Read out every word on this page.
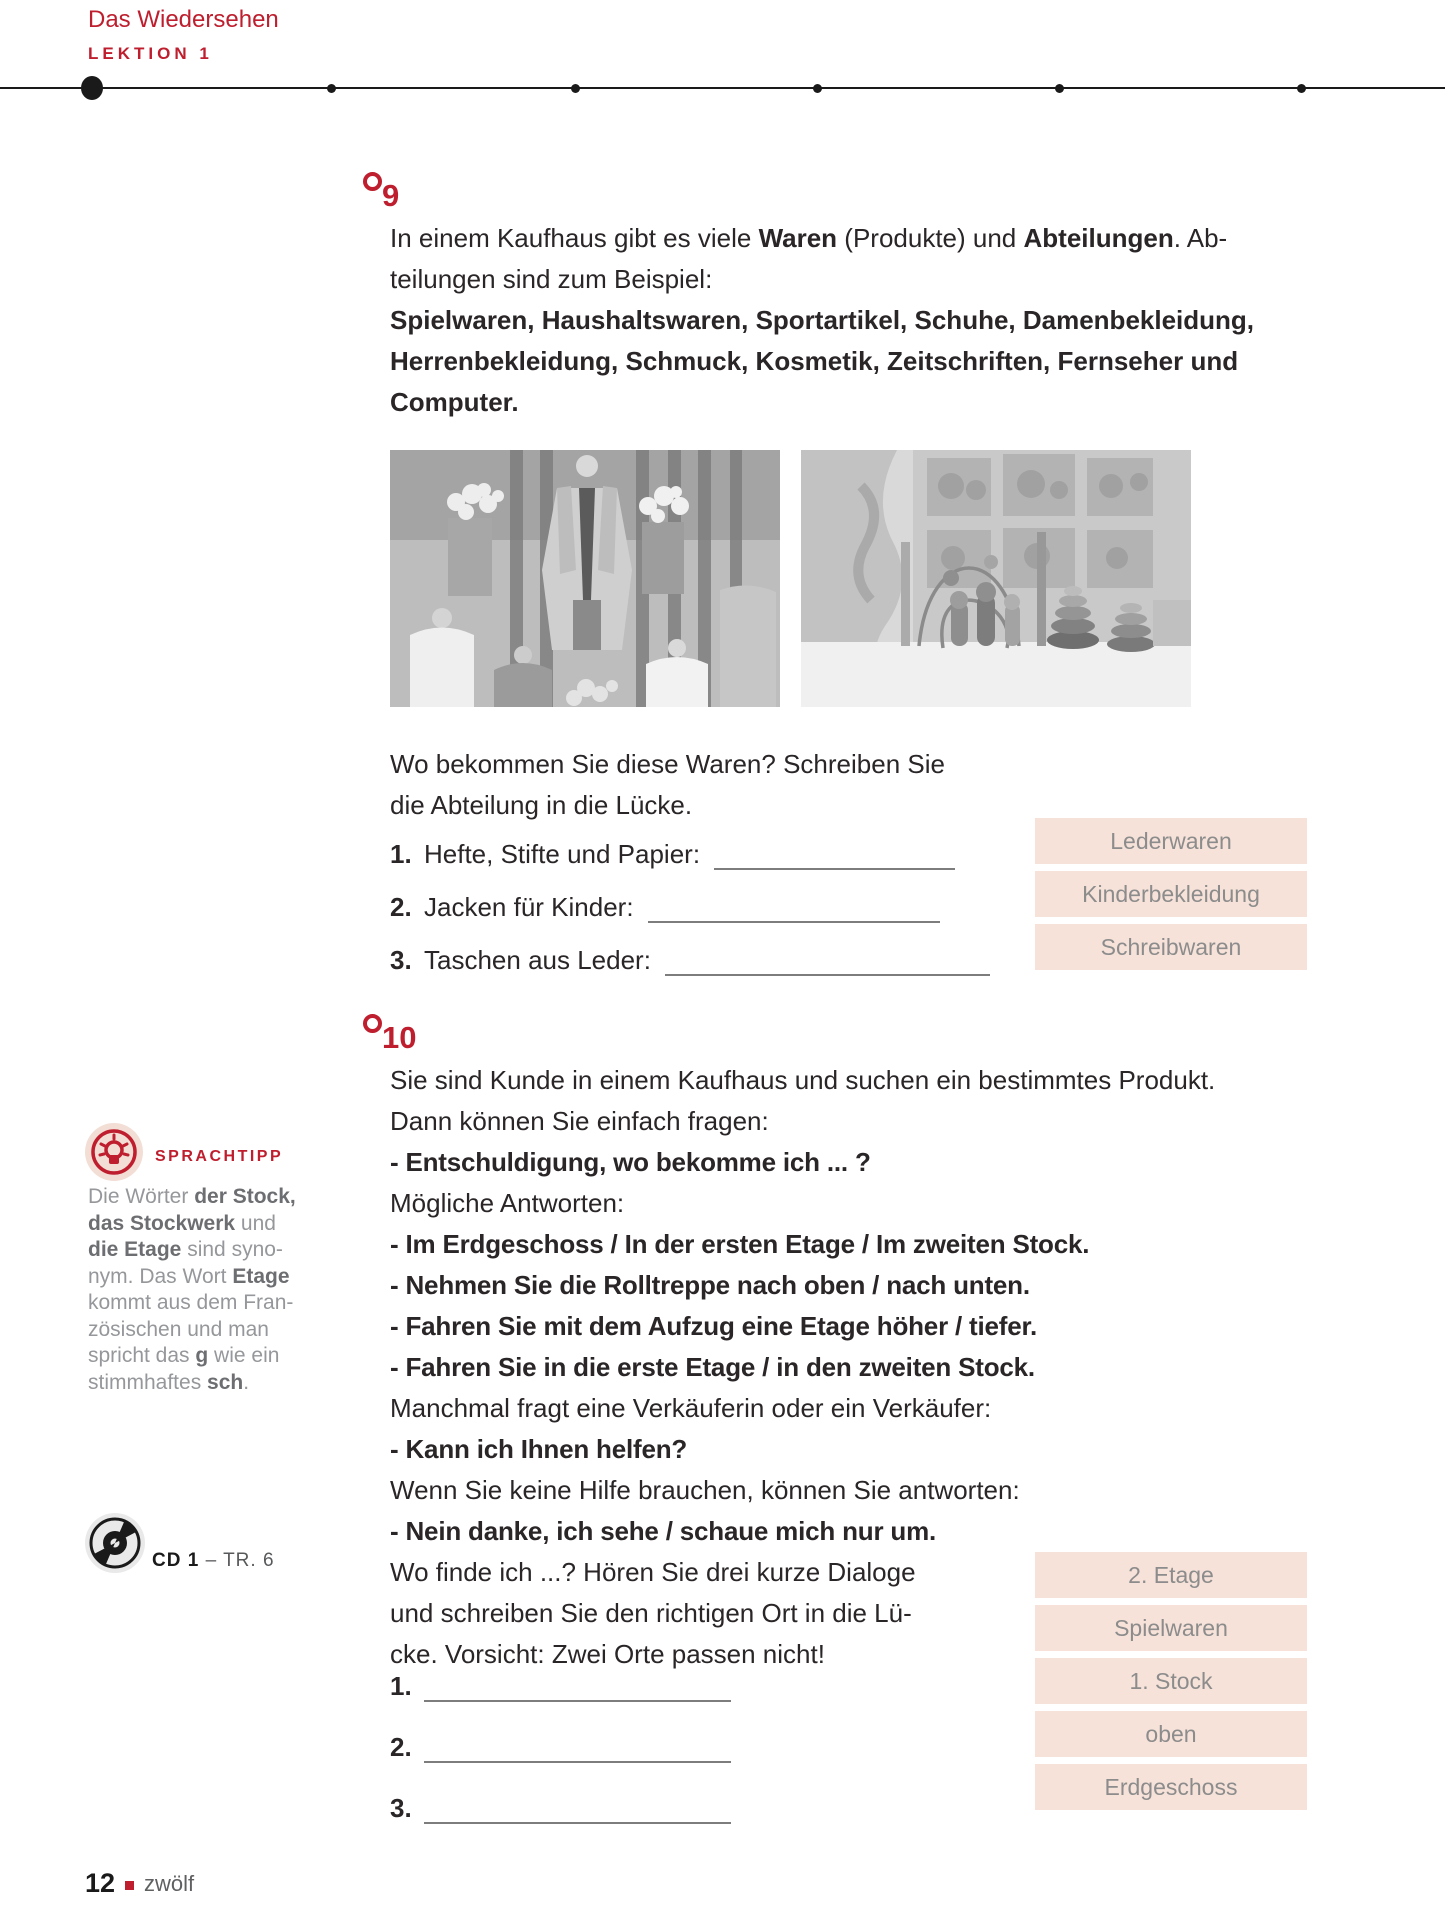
Das Wiedersehen
LEKTION 1
9
In einem Kaufhaus gibt es viele Waren (Produkte) und Abteilungen. Ab-
teilungen sind zum Beispiel:
Spielwaren, Haushaltswaren, Sportartikel, Schuhe, Damenbekleidung,
Herrenbekleidung, Schmuck, Kosmetik, Zeitschriften, Fernseher und
Computer.
Wo bekommen Sie diese Waren? Schreiben Sie
die Abteilung in die Lücke.
1. Hefte, Stifte und Papier:
2. Jacken für Kinder:
3. Taschen aus Leder:
Lederwaren
Kinderbekleidung
Schreibwaren
10
Sie sind Kunde in einem Kaufhaus und suchen ein bestimmtes Produkt.
Dann können Sie einfach fragen:
- Entschuldigung, wo bekomme ich ... ?
Mögliche Antworten:
- Im Erdgeschoss / In der ersten Etage / Im zweiten Stock.
- Nehmen Sie die Rolltreppe nach oben / nach unten.
- Fahren Sie mit dem Aufzug eine Etage höher / tiefer.
- Fahren Sie in die erste Etage / in den zweiten Stock.
Manchmal fragt eine Verkäuferin oder ein Verkäufer:
- Kann ich Ihnen helfen?
Wenn Sie keine Hilfe brauchen, können Sie antworten:
- Nein danke, ich sehe / schaue mich nur um.
Wo finde ich ...? Hören Sie drei kurze Dialoge
und schreiben Sie den richtigen Ort in die Lü-
cke. Vorsicht: Zwei Orte passen nicht!
1.
2.
3.
2. Etage
Spielwaren
1. Stock
oben
Erdgeschoss
SPRACHTIPP
Die Wörter der Stock,
das Stockwerk und
die Etage sind syno-
nym. Das Wort Etage
kommt aus dem Fran-
zösischen und man
spricht das g wie ein
stimmhaftes sch.
CD 1 – TR. 6
12 zwölf
